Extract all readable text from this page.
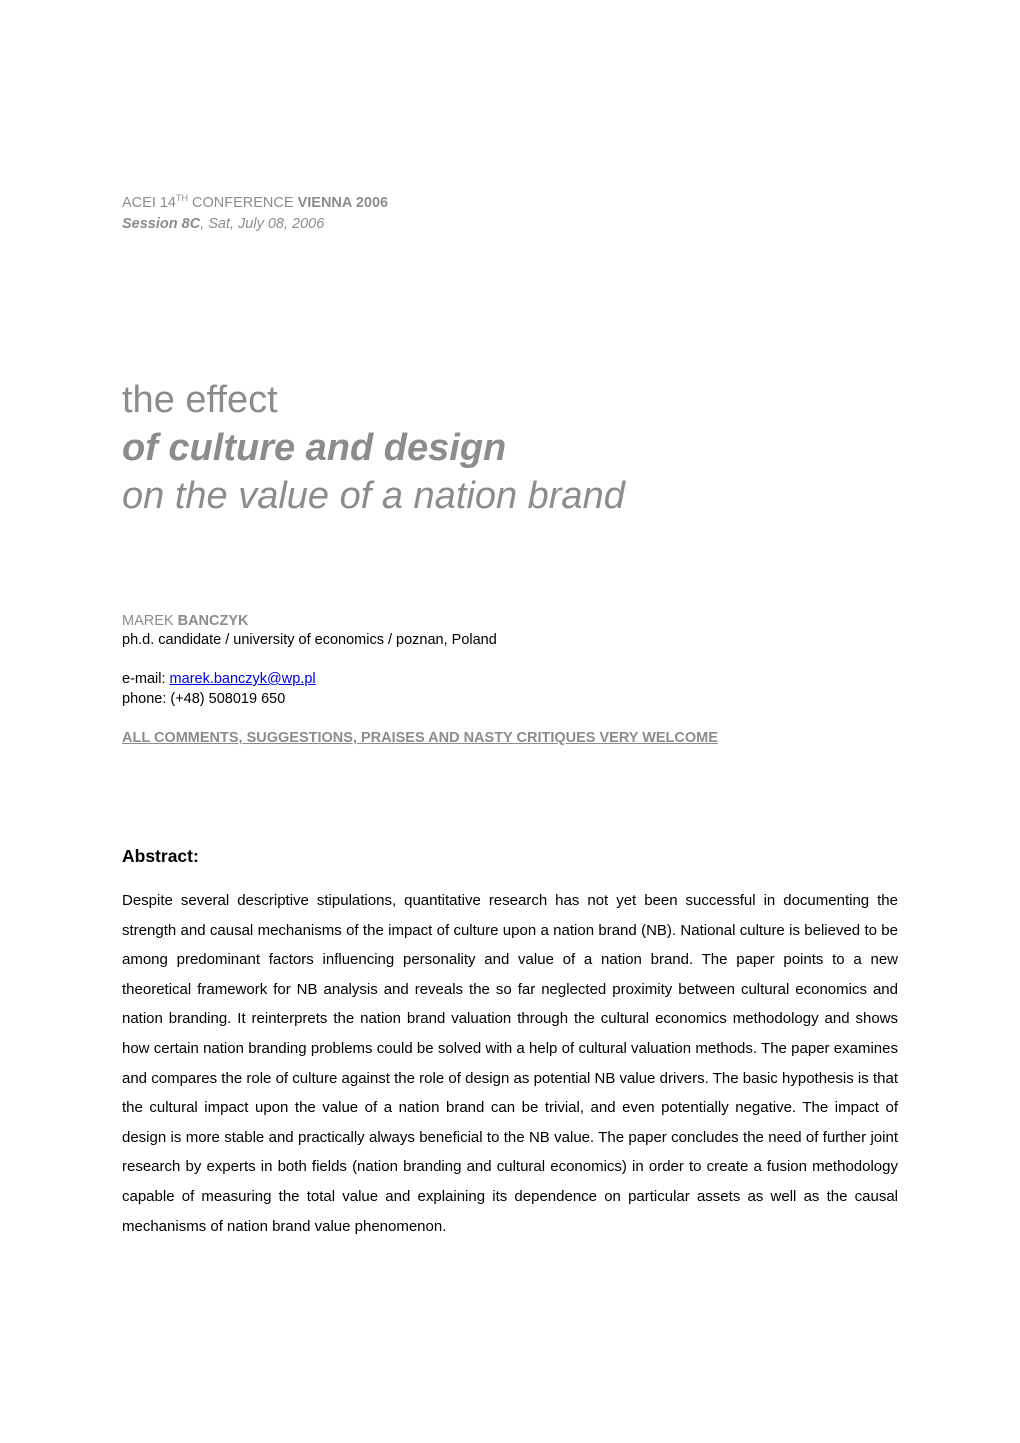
ACEI 14TH CONFERENCE VIENNA 2006
Session 8C, Sat, July 08, 2006
the effect
of culture and design
on the value of a nation brand
MAREK BANCZYK
ph.d. candidate / university of economics / poznan, Poland
e-mail: marek.banczyk@wp.pl
phone: (+48) 508019 650
ALL COMMENTS, SUGGESTIONS, PRAISES AND NASTY CRITIQUES VERY WELCOME
Abstract:

Despite several descriptive stipulations, quantitative research has not yet been successful in documenting the strength and causal mechanisms of the impact of culture upon a nation brand (NB). National culture is believed to be among predominant factors influencing personality and value of a nation brand. The paper points to a new theoretical framework for NB analysis and reveals the so far neglected proximity between cultural economics and nation branding. It reinterprets the nation brand valuation through the cultural economics methodology and shows how certain nation branding problems could be solved with a help of cultural valuation methods. The paper examines and compares the role of culture against the role of design as potential NB value drivers. The basic hypothesis is that the cultural impact upon the value of a nation brand can be trivial, and even potentially negative. The impact of design is more stable and practically always beneficial to the NB value. The paper concludes the need of further joint research by experts in both fields (nation branding and cultural economics) in order to create a fusion methodology capable of measuring the total value and explaining its dependence on particular assets as well as the causal mechanisms of nation brand value phenomenon.
